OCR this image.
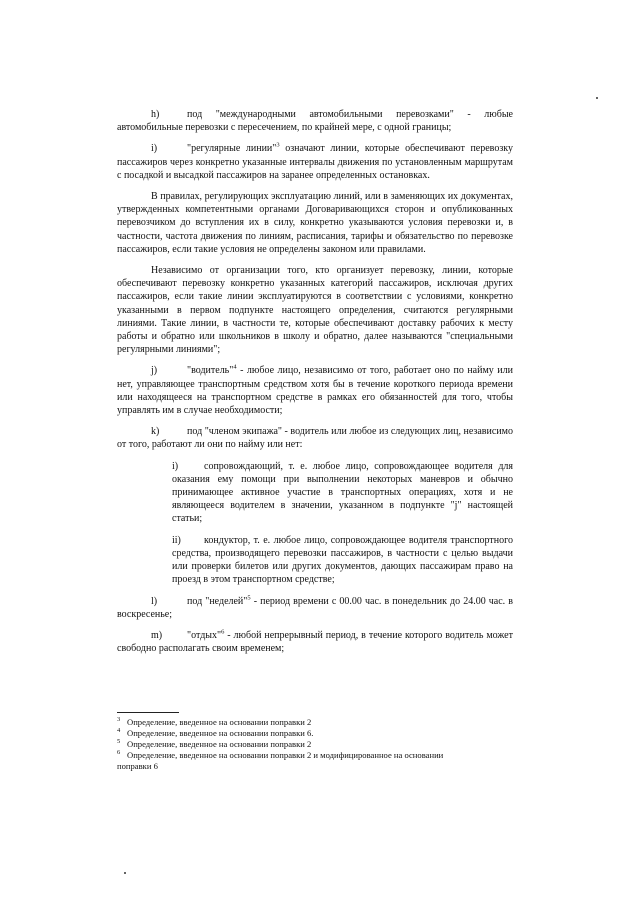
h)	под "международными автомобильными перевозками" - любые автомобильные перевозки с пересечением, по крайней мере, с одной границы;

i)	"регулярные линии"$^3$ означают линии, которые обеспечивают перевозку пассажиров через конкретно указанные интервалы движения по установленным маршрутам с посадкой и высадкой пассажиров на заранее определенных остановках.

В правилах, регулирующих эксплуатацию линий, или в заменяющих их документах, утвержденных компетентными органами Договаривающихся сторон и опубликованных перевозчиком до вступления их в силу, конкретно указываются условия перевозки и, в частности, частота движения по линиям, расписания, тарифы и обязательство по перевозке пассажиров, если такие условия не определены законом или правилами.

Независимо от организации того, кто организует перевозку, линии, которые обеспечивают перевозку конкретно указанных категорий пассажиров, исключая других пассажиров, если такие линии эксплуатируются в соответствии с условиями, конкретно указанными в первом подпункте настоящего определения, считаются регулярными линиями. Такие линии, в частности те, которые обеспечивают доставку рабочих к месту работы и обратно или школьников в школу и обратно, далее называются "специальными регулярными линиями";

j)	"водитель"$^4$ - любое лицо, независимо от того, работает оно по найму или нет, управляющее транспортным средством хотя бы в течение короткого периода времени или находящееся на транспортном средстве в рамках его обязанностей для того, чтобы управлять им в случае необходимости;

k)	под "членом экипажа" - водитель или любое из следующих лиц, независимо от того, работают ли они по найму или нет:

i)	сопровождающий, т. е. любое лицо, сопровождающее водителя для оказания ему помощи при выполнении некоторых маневров и обычно принимающее активное участие в транспортных операциях, хотя и не являющееся водителем в значении, указанном в подпункте "j" настоящей статьи;

ii) кондуктор, т. е. любое лицо, сопровождающее водителя транспортного средства, производящего перевозки пассажиров, в частности с целью выдачи или проверки билетов или других документов, дающих пассажирам право на проезд в этом транспортном средстве;

l)	под "неделей"$^5$ - период времени с 00.00 час. в понедельник до 24.00 час. в воскресенье;

m) "отдых"$^6$ - любой непрерывный период, в течение которого водитель может свободно располагать своим временем;

3 Определение, введенное на основании поправки 2

4 Определение, введенное на основании поправки 6.

5 Определение, введенное на основании поправки 2

6 Определение, введенное на основании поправки 2 и модифицированное на основании

поправки 6
